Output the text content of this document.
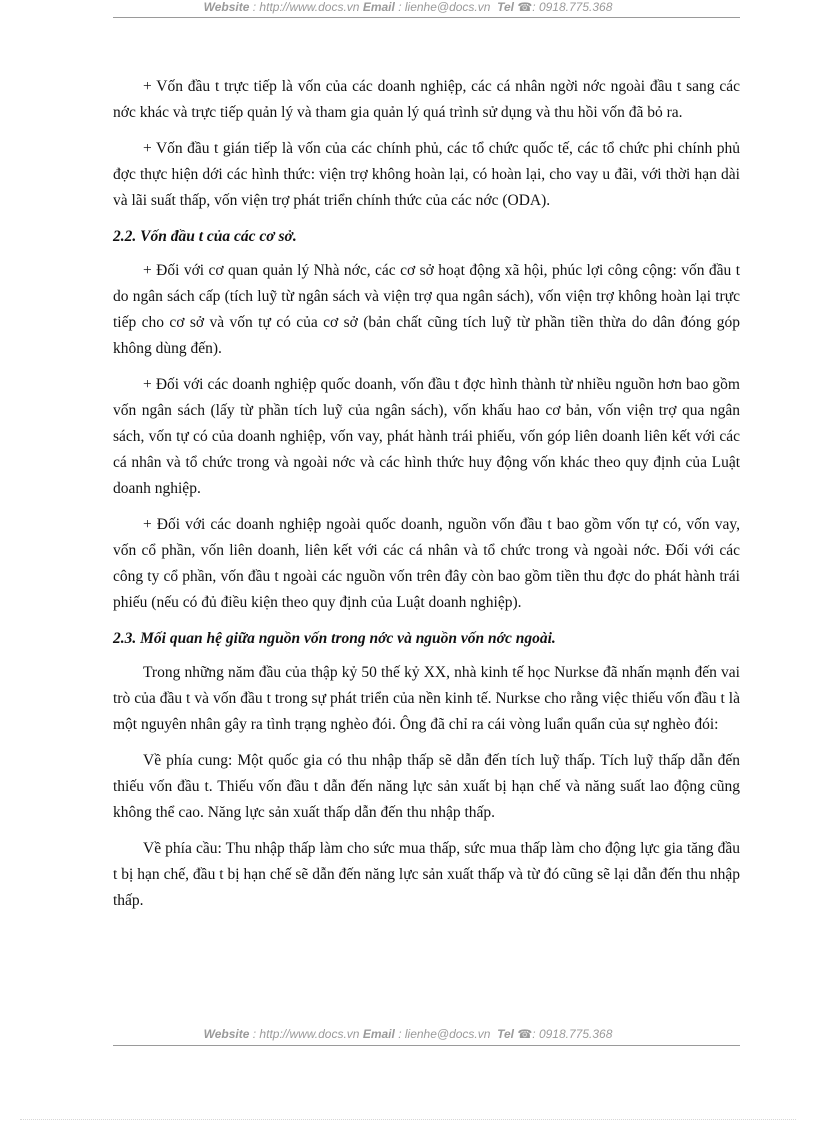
Website : http://www.docs.vn Email : lienhe@docs.vn Tel ☎: 0918.775.368

+ Vốn đầu t trực tiếp là vốn của các doanh nghiệp, các cá nhân ngời nớc ngoài đầu t sang các nớc khác và trực tiếp quản lý và tham gia quản lý quá trình sử dụng và thu hồi vốn đã bỏ ra.

+ Vốn đầu t gián tiếp là vốn của các chính phủ, các tổ chức quốc tế, các tổ chức phi chính phủ đợc thực hiện dới các hình thức: viện trợ không hoàn lại, có hoàn lại, cho vay u đãi, với thời hạn dài và lãi suất thấp, vốn viện trợ phát triển chính thức của các nớc (ODA).

2.2. Vốn đầu t của các cơ sở.

+ Đối với cơ quan quản lý Nhà nớc, các cơ sở hoạt động xã hội, phúc lợi công cộng: vốn đầu t do ngân sách cấp (tích luỹ từ ngân sách và viện trợ qua ngân sách), vốn viện trợ không hoàn lại trực tiếp cho cơ sở và vốn tự có của cơ sở (bản chất cũng tích luỹ từ phần tiền thừa do dân đóng góp không dùng đến).

+ Đối với các doanh nghiệp quốc doanh, vốn đầu t đợc hình thành từ nhiều nguồn hơn bao gồm vốn ngân sách (lấy từ phần tích luỹ của ngân sách), vốn khấu hao cơ bản, vốn viện trợ qua ngân sách, vốn tự có của doanh nghiệp, vốn vay, phát hành trái phiếu, vốn góp liên doanh liên kết với các cá nhân và tổ chức trong và ngoài nớc và các hình thức huy động vốn khác theo quy định của Luật doanh nghiệp.

+ Đối với các doanh nghiệp ngoài quốc doanh, nguồn vốn đầu t bao gồm vốn tự có, vốn vay, vốn cổ phần, vốn liên doanh, liên kết với các cá nhân và tổ chức trong và ngoài nớc. Đối với các công ty cổ phần, vốn đầu t ngoài các nguồn vốn trên đây còn bao gồm tiền thu đợc do phát hành trái phiếu (nếu có đủ điều kiện theo quy định của Luật doanh nghiệp).

2.3. Mối quan hệ giữa nguồn vốn trong nớc và nguồn vốn nớc ngoài.

Trong những năm đầu của thập kỷ 50 thế kỷ XX, nhà kinh tế học Nurkse đã nhấn mạnh đến vai trò của đầu t và vốn đầu t trong sự phát triển của nền kinh tế. Nurkse cho rằng việc thiếu vốn đầu t là một nguyên nhân gây ra tình trạng nghèo đói. Ông đã chỉ ra cái vòng luẩn quẩn của sự nghèo đói:

Về phía cung: Một quốc gia có thu nhập thấp sẽ dẫn đến tích luỹ thấp. Tích luỹ thấp dẫn đến thiếu vốn đầu t. Thiếu vốn đầu t dẫn đến năng lực sản xuất bị hạn chế và năng suất lao động cũng không thể cao. Năng lực sản xuất thấp dẫn đến thu nhập thấp.

Về phía cầu: Thu nhập thấp làm cho sức mua thấp, sức mua thấp làm cho động lực gia tăng đầu t bị hạn chế, đầu t bị hạn chế sẽ dẫn đến năng lực sản xuất thấp và từ đó cũng sẽ lại dẫn đến thu nhập thấp.

Website : http://www.docs.vn Email : lienhe@docs.vn Tel ☎: 0918.775.368
